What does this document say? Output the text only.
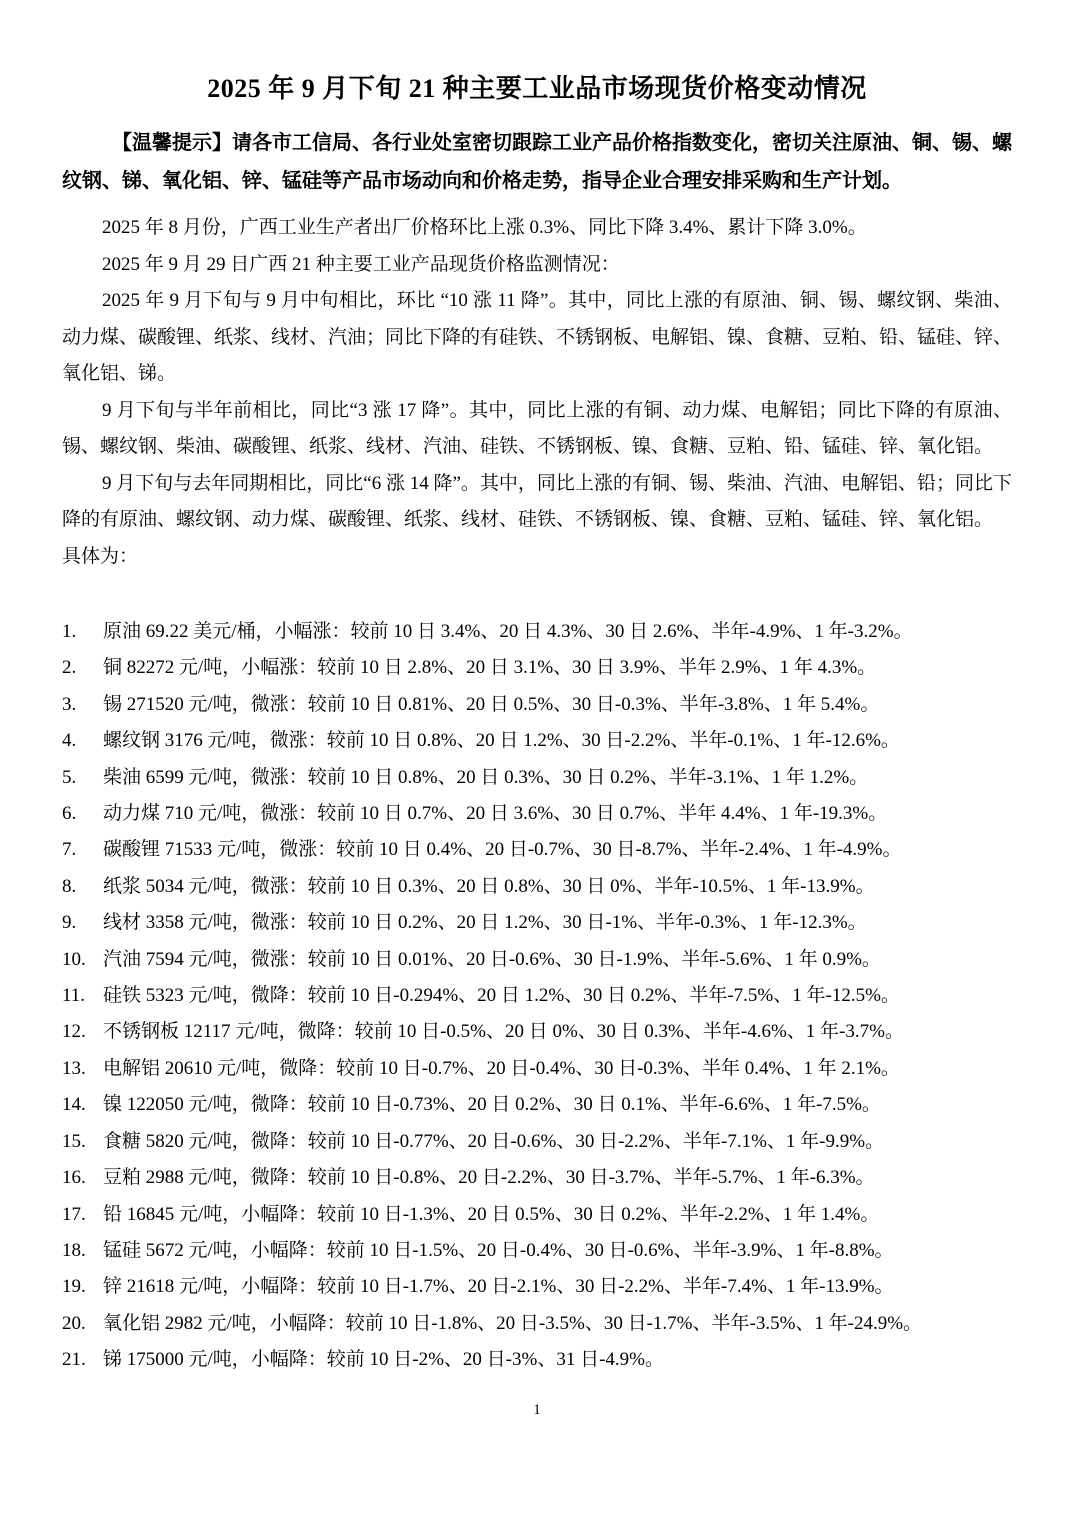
2025 年 9 月下旬 21 种主要工业品市场现货价格变动情况

【温馨提示】请各市工信局、各行业处室密切跟踪工业产品价格指数变化，密切关注原油、铜、锡、螺纹钢、锑、氧化铝、锌、锰硅等产品市场动向和价格走势，指导企业合理安排采购和生产计划。

2025 年 8 月份，广西工业生产者出厂价格环比上涨 0.3%、同比下降 3.4%、累计下降 3.0%。

2025 年 9 月 29 日广西 21 种主要工业产品现货价格监测情况：

2025 年 9 月下旬与 9 月中旬相比，环比 “10 涨 11 降”。其中，同比上涨的有原油、铜、锡、螺纹钢、柴油、动力煤、碳酸锂、纸浆、线材、汽油；同比下降的有硅铁、不锈钢板、电解铝、镍、食糖、豆粕、铅、锰硅、锌、氧化铝、锑。

9 月下旬与半年前相比，同比“3 涨 17 降”。其中，同比上涨的有铜、动力煤、电解铝；同比下降的有原油、锡、螺纹钢、柴油、碳酸锂、纸浆、线材、汽油、硅铁、不锈钢板、镍、食糖、豆粕、铅、锰硅、锌、氧化铝。

9 月下旬与去年同期相比，同比“6 涨 14 降”。其中，同比上涨的有铜、锡、柴油、汽油、电解铝、铅；同比下降的有原油、螺纹钢、动力煤、碳酸锂、纸浆、线材、硅铁、不锈钢板、镍、食糖、豆粕、锰硅、锌、氧化铝。

具体为：

1.	原油 69.22 美元/桶，小幅涨：较前 10 日 3.4%、20 日 4.3%、30 日 2.6%、半年-4.9%、1 年-3.2%。
2.	铜 82272 元/吨，小幅涨：较前 10 日 2.8%、20 日 3.1%、30 日 3.9%、半年 2.9%、1 年 4.3%。
3.	锡 271520 元/吨，微涨：较前 10 日 0.81%、20 日 0.5%、30 日-0.3%、半年-3.8%、1 年 5.4%。
4.	螺纹钢 3176 元/吨，微涨：较前 10 日 0.8%、20 日 1.2%、30 日-2.2%、半年-0.1%、1 年-12.6%。
5.	柴油 6599 元/吨，微涨：较前 10 日 0.8%、20 日 0.3%、30 日 0.2%、半年-3.1%、1 年 1.2%。
6.	动力煤 710 元/吨，微涨：较前 10 日 0.7%、20 日 3.6%、30 日 0.7%、半年 4.4%、1 年-19.3%。
7.	碳酸锂 71533 元/吨，微涨：较前 10 日 0.4%、20 日-0.7%、30 日-8.7%、半年-2.4%、1 年-4.9%。
8.	纸浆 5034 元/吨，微涨：较前 10 日 0.3%、20 日 0.8%、30 日 0%、半年-10.5%、1 年-13.9%。
9.	线材 3358 元/吨，微涨：较前 10 日 0.2%、20 日 1.2%、30 日-1%、半年-0.3%、1 年-12.3%。
10. 汽油 7594 元/吨，微涨：较前 10 日 0.01%、20 日-0.6%、30 日-1.9%、半年-5.6%、1 年 0.9%。
11. 硅铁 5323 元/吨，微降：较前 10 日-0.294%、20 日 1.2%、30 日 0.2%、半年-7.5%、1 年-12.5%。
12. 不锈钢板 12117 元/吨，微降：较前 10 日-0.5%、20 日 0%、30 日 0.3%、半年-4.6%、1 年-3.7%。
13. 电解铝 20610 元/吨，微降：较前 10 日-0.7%、20 日-0.4%、30 日-0.3%、半年 0.4%、1 年 2.1%。
14. 镍 122050 元/吨，微降：较前 10 日-0.73%、20 日 0.2%、30 日 0.1%、半年-6.6%、1 年-7.5%。
15. 食糖 5820 元/吨，微降：较前 10 日-0.77%、20 日-0.6%、30 日-2.2%、半年-7.1%、1 年-9.9%。
16. 豆粕 2988 元/吨，微降：较前 10 日-0.8%、20 日-2.2%、30 日-3.7%、半年-5.7%、1 年-6.3%。
17. 铅 16845 元/吨，小幅降：较前 10 日-1.3%、20 日 0.5%、30 日 0.2%、半年-2.2%、1 年 1.4%。
18. 锰硅 5672 元/吨，小幅降：较前 10 日-1.5%、20 日-0.4%、30 日-0.6%、半年-3.9%、1 年-8.8%。
19. 锌 21618 元/吨，小幅降：较前 10 日-1.7%、20 日-2.1%、30 日-2.2%、半年-7.4%、1 年-13.9%。
20. 氧化铝 2982 元/吨，小幅降：较前 10 日-1.8%、20 日-3.5%、30 日-1.7%、半年-3.5%、1 年-24.9%。
21. 锑 175000 元/吨，小幅降：较前 10 日-2%、20 日-3%、31 日-4.9%。
1
